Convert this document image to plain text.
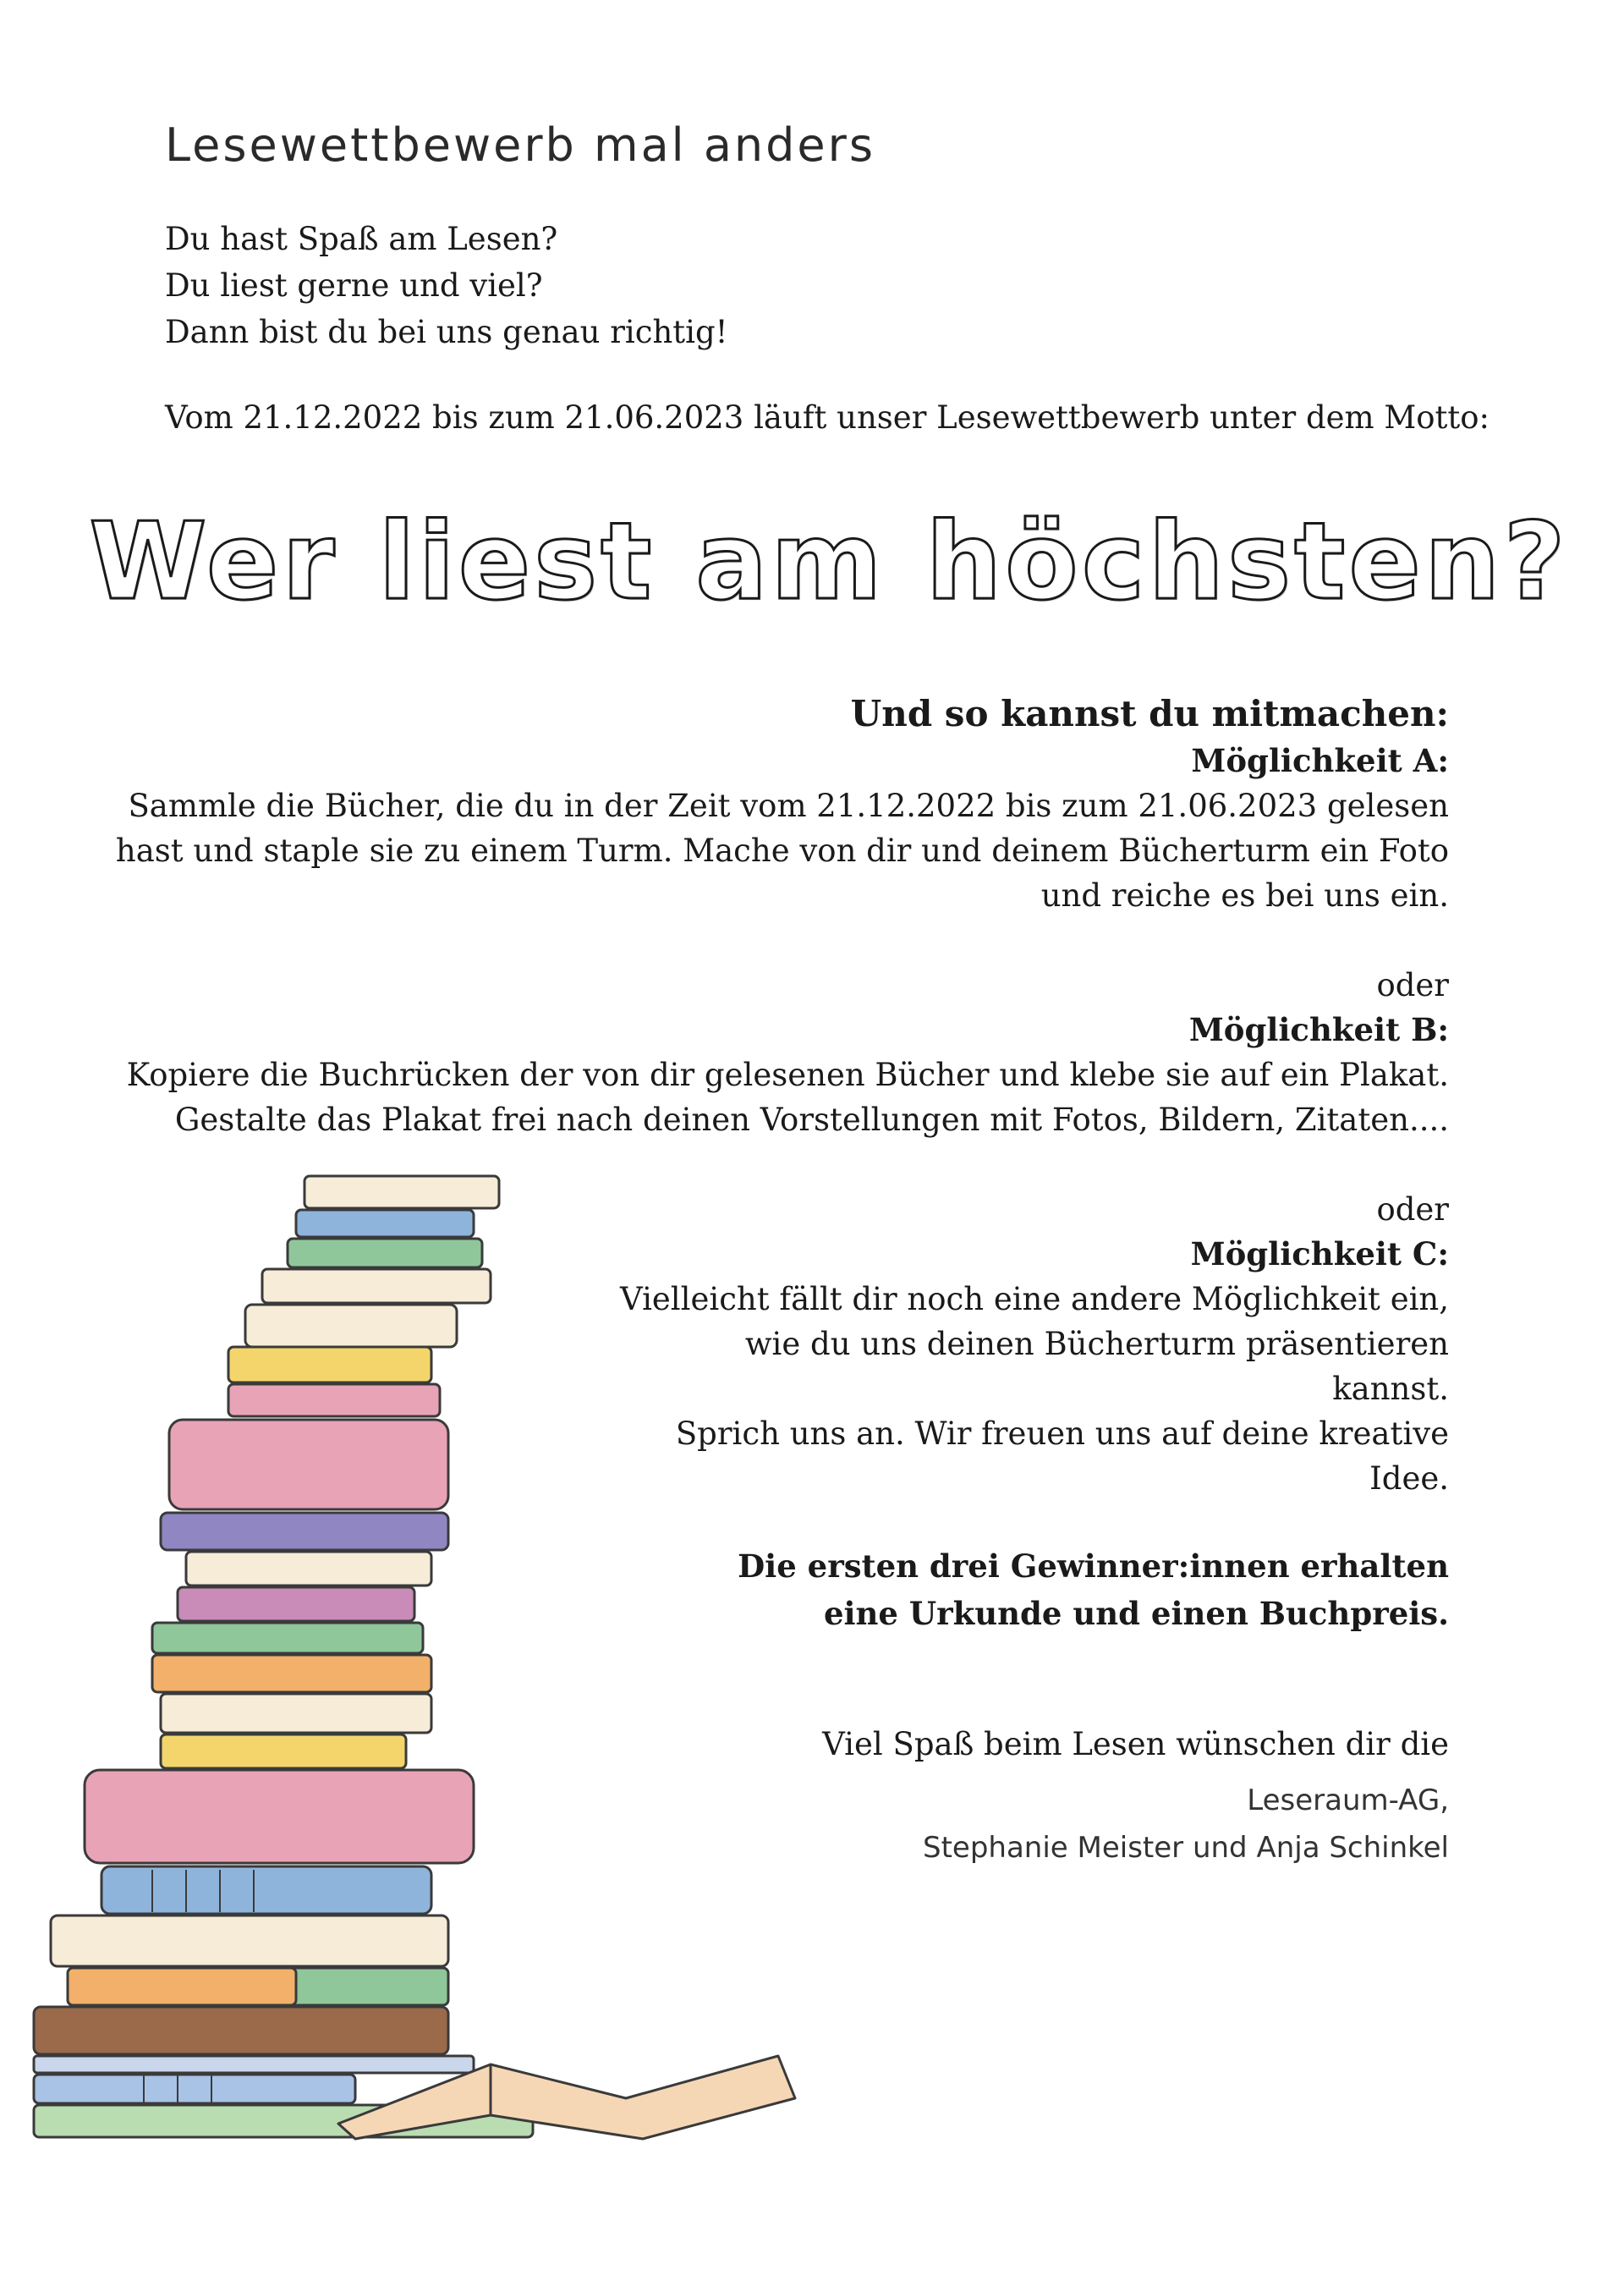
Lesewettbewerb mal anders

Du hast Spaß am Lesen?
Du liest gerne und viel?
Dann bist du bei uns genau richtig!

Vom 21.12.2022 bis zum 21.06.2023 läuft unser Lesewettbewerb unter dem Motto:

Wer liest am höchsten?

Und so kannst du mitmachen:

Möglichkeit A:

Sammle die Bücher, die du in der Zeit vom 21.12.2022 bis zum 21.06.2023 gelesen

hast und staple sie zu einem Turm. Mache von dir und deinem Bücherturm ein Foto

und reiche es bei uns ein.

oder

Möglichkeit B:

Kopiere die Buchrücken der von dir gelesenen Bücher und klebe sie auf ein Plakat.

Gestalte das Plakat frei nach deinen Vorstellungen mit Fotos, Bildern, Zitaten....

oder

Möglichkeit C:

Vielleicht fällt dir noch eine andere Möglichkeit ein,

wie du uns deinen Bücherturm präsentieren kannst.

Sprich uns an. Wir freuen uns auf deine kreative Idee.

Die ersten drei Gewinner:innen erhalten
eine Urkunde und einen Buchpreis.

Viel Spaß beim Lesen wünschen dir die

Leseraum-AG,
Stephanie Meister und Anja Schinkel
